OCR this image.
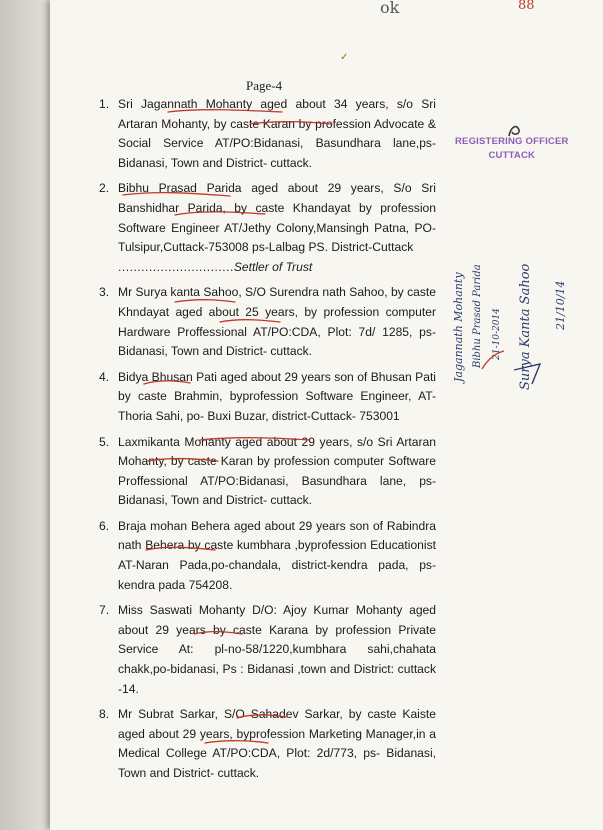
ok	88
Page-4
1. Sri Jagannath Mohanty aged about 34 years, s/o Sri Artaran Mohanty, by caste Karan by profession Advocate & Social Service AT/PO:Bidanasi, Basundhara lane,ps-Bidanasi, Town and District- cuttack.
2. Bibhu Prasad Parida aged about 29 years, S/o Sri Banshidhar Parida, by caste Khandayat by profession Software Engineer AT/Jethy Colony,Mansingh Patna, PO-Tulsipur,Cuttack-753008 ps-Lalbag PS. District-Cuttack
..............................Settler of Trust
3. Mr Surya kanta Sahoo, S/O Surendra nath Sahoo, by caste Khndayat aged about 25 years, by profession computer Hardware Proffessional AT/PO:CDA, Plot: 7d/ 1285, ps- Bidanasi, Town and District- cuttack.
4. Bidya Bhusan Pati aged about 29 years son of Bhusan Pati by caste Brahmin, byprofession Software Engineer, AT- Thoria Sahi, po- Buxi Buzar, district-Cuttack- 753001
5. Laxmikanta Mohanty aged about 29 years, s/o Sri Artaran Mohanty, by caste Karan by profession computer Software Proffessional AT/PO:Bidanasi, Basundhara lane, ps-Bidanasi, Town and District- cuttack.
6. Braja mohan Behera aged about 29 years son of Rabindra nath Behera by caste kumbhara ,byprofession Educationist AT-Naran Pada,po-chandala, district-kendra pada, ps-kendra pada 754208.
7. Miss Saswati Mohanty D/O: Ajoy Kumar Mohanty aged about 29 years by caste Karana by profession Private Service At: pl-no-58/1220,kumbhara sahi,chahata chakk,po-bidanasi, Ps : Bidanasi ,town and District: cuttack -14.
8. Mr Subrat Sarkar, S/O Sahadev Sarkar, by caste Kaiste aged about 29 years, byprofession Marketing Manager,in a Medical College AT/PO:CDA, Plot: 2d/773, ps- Bidanasi, Town and District- cuttack.
REGISTERING OFFICER
CUTTACK
Jagannath Mohanty Bibhu Prasad Parida 21-10-2014 Surya Kanta Sahoo 21/10/14
✓
